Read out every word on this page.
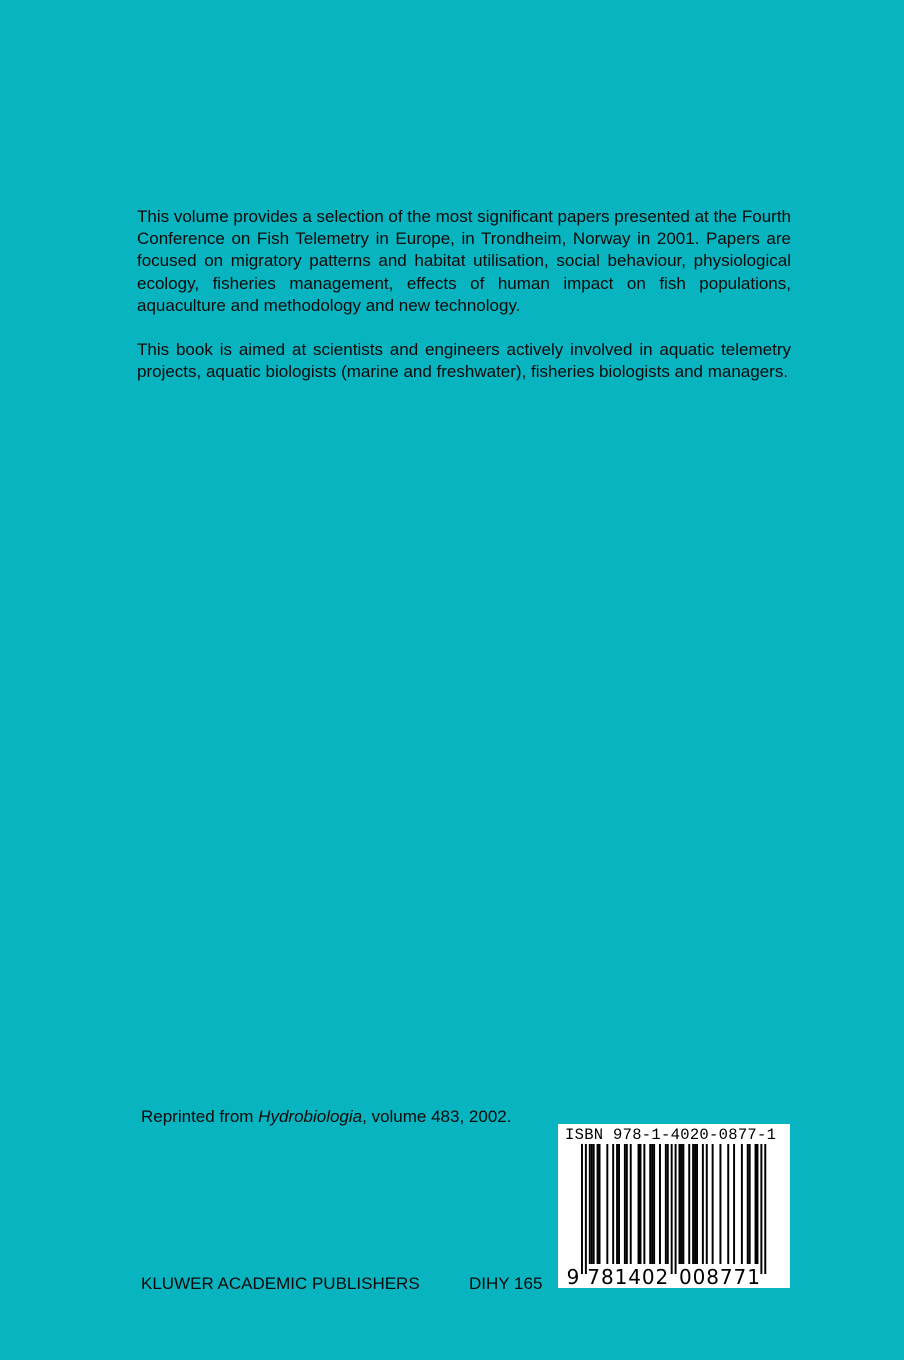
This volume provides a selection of the most significant papers presented at the Fourth Conference on Fish Telemetry in Europe, in Trondheim, Norway in 2001. Papers are focused on migratory patterns and habitat utilisation, social behaviour, physiological ecology, fisheries management, effects of human impact on fish populations, aquaculture and methodology and new technology.

This book is aimed at scientists and engineers actively involved in aquatic telemetry projects, aquatic biologists (marine and freshwater), fisheries biologists and managers.

Reprinted from Hydrobiologia, volume 483, 2002.
KLUWER ACADEMIC PUBLISHERS	DIHY 165
ISBN 978-1-4020-0877-1
9 7 8 1 4 0 2 0 0 8 7 7 1
